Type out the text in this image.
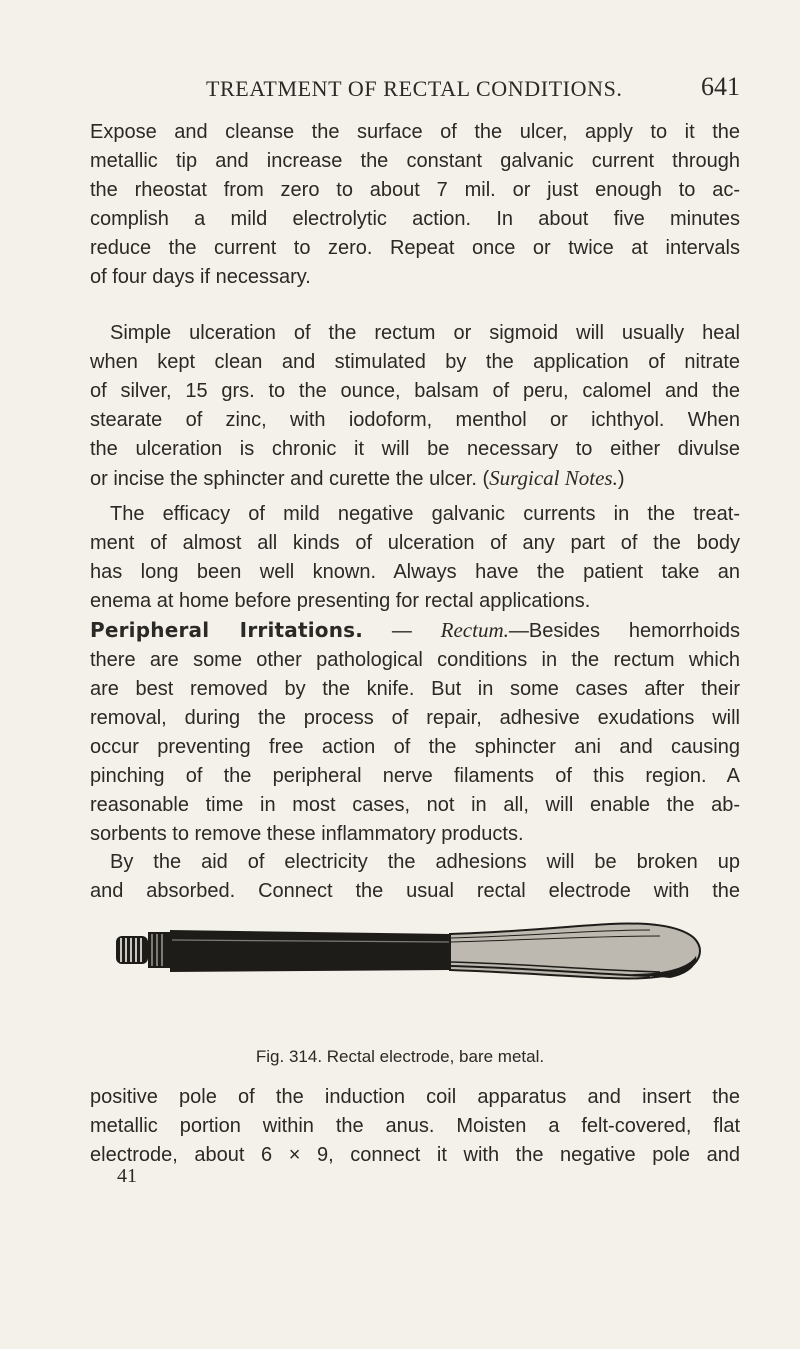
TREATMENT OF RECTAL CONDITIONS.	641
Expose and cleanse the surface of the ulcer, apply to it the
metallic tip and increase the constant galvanic current through
the rheostat from zero to about 7 mil. or just enough to ac-
complish a mild electrolytic action. In about five minutes
reduce the current to zero. Repeat once or twice at intervals
of four days if necessary.
Simple ulceration of the rectum or sigmoid will usually heal
when kept clean and stimulated by the application of nitrate
of silver, 15 grs. to the ounce, balsam of peru, calomel and the
stearate of zinc, with iodoform, menthol or ichthyol. When
the ulceration is chronic it will be necessary to either divulse
or incise the sphincter and curette the ulcer. (Surgical Notes.)
The efficacy of mild negative galvanic currents in the treat-
ment of almost all kinds of ulceration of any part of the body
has long been well known. Always have the patient take an
enema at home before presenting for rectal applications.
Peripheral Irritations. — Rectum.—Besides hemorrhoids
there are some other pathological conditions in the rectum which
are best removed by the knife. But in some cases after their
removal, during the process of repair, adhesive exudations will
occur preventing free action of the sphincter ani and causing
pinching of the peripheral nerve filaments of this region. A
reasonable time in most cases, not in all, will enable the ab-
sorbents to remove these inflammatory products.
By the aid of electricity the adhesions will be broken up
and absorbed. Connect the usual rectal electrode with the
Fig. 314. Rectal electrode, bare metal.
positive pole of the induction coil apparatus and insert the
metallic portion within the anus. Moisten a felt-covered, flat
electrode, about 6 × 9, connect it with the negative pole and
41
